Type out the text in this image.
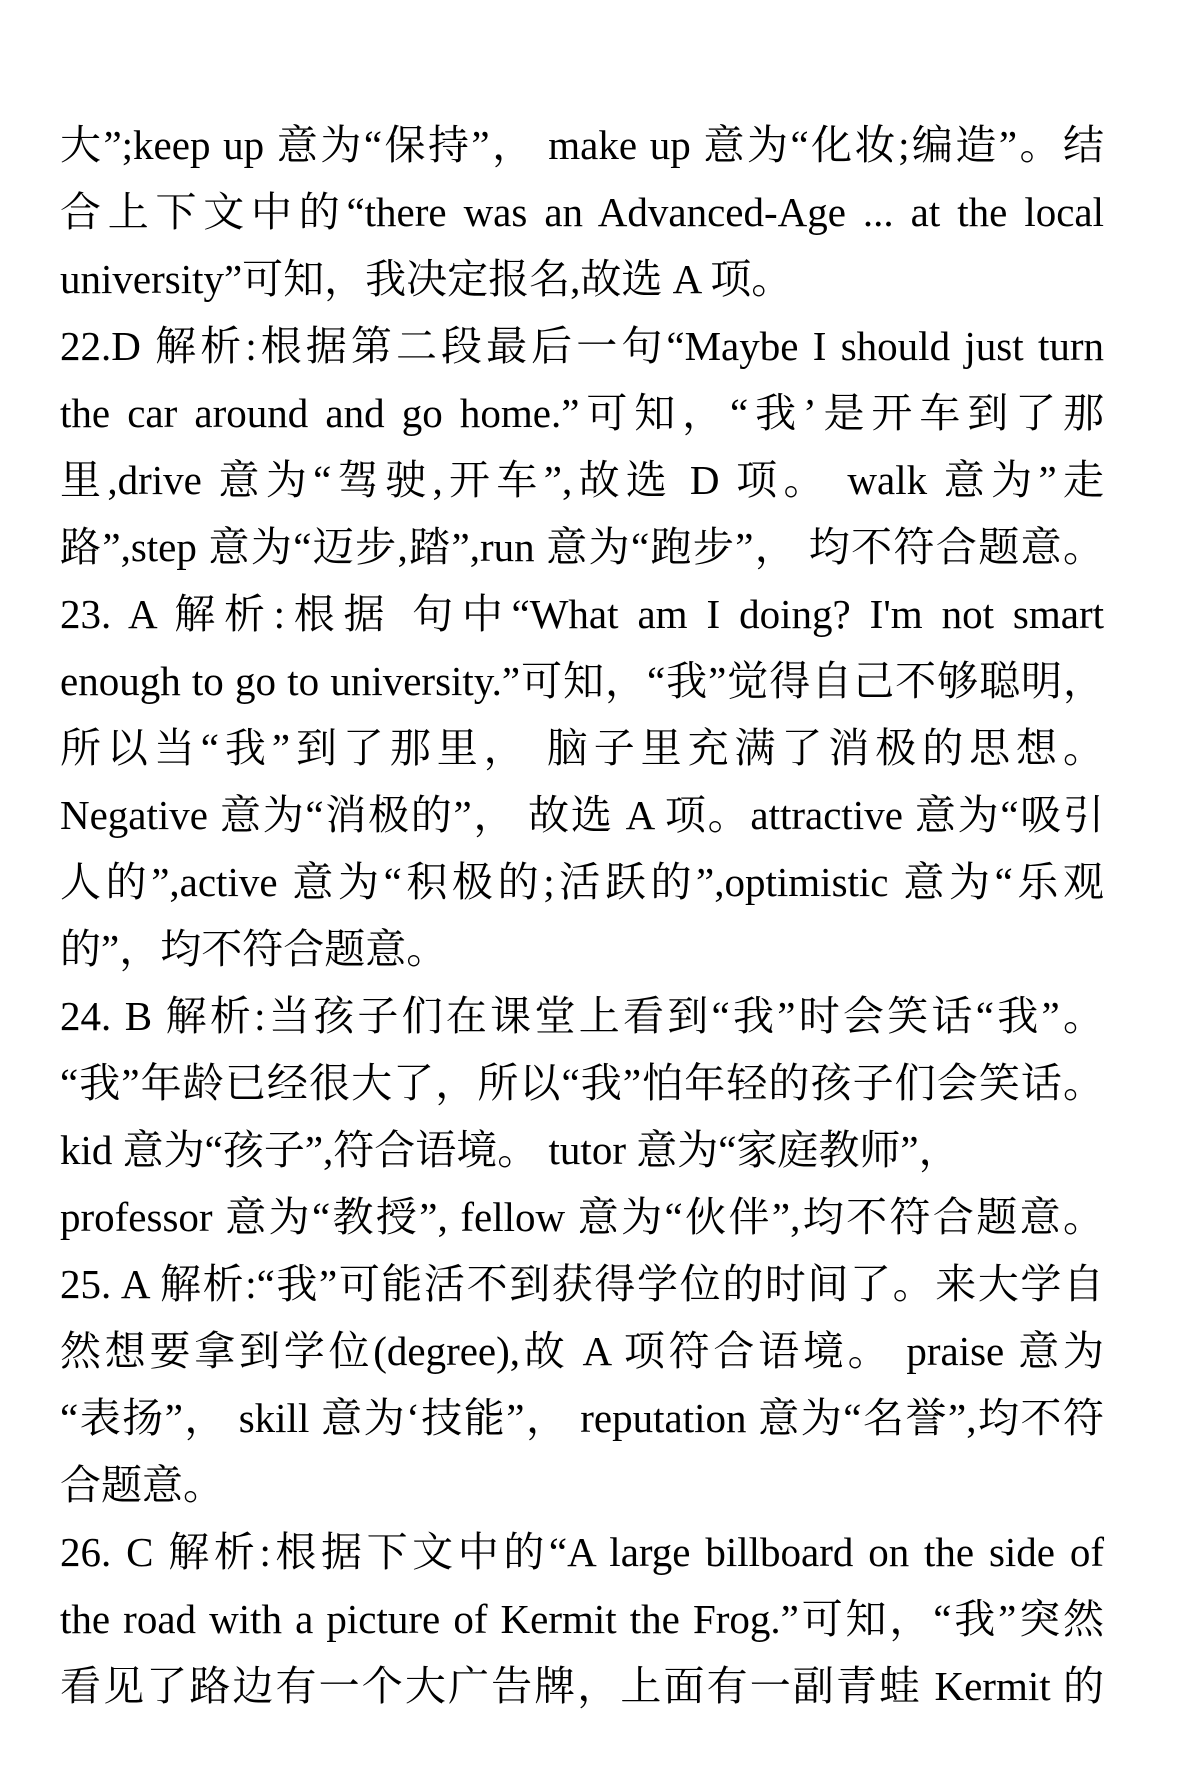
大”;keep up 意为“保持”， make up 意为“化妆;编造”。结
合上下文中的“there was an Advanced-Age ... at the local
university”可知，我决定报名,故选 A 项。
22.D 解析:根据第二段最后一句“Maybe I should just turn
the car around and go home.”可知，“我’是开车到了那
里,drive 意为“驾驶,开车”,故选 D 项。 walk 意为”走
路”,step 意为“迈步,踏”,run 意为“跑步”， 均不符合题意。
23. A 解析:根据 句中“What am I doing? I'm not smart
enough to go to university.”可知，“我”觉得自己不够聪明，
所以当“我”到了那里， 脑子里充满了消极的思想。
Negative 意为“消极的”， 故选 A 项。attractive 意为“吸引
人的”,active 意为“积极的;活跃的”,optimistic 意为“乐观
的”，均不符合题意。
24. B 解析:当孩子们在课堂上看到“我”时会笑话“我”。
“我”年龄已经很大了，所以“我”怕年轻的孩子们会笑话。
kid 意为“孩子”,符合语境。 tutor 意为“家庭教师”，
professor 意为“教授”, fellow 意为“伙伴”,均不符合题意。
25. A 解析:“我”可能活不到获得学位的时间了。来大学自
然想要拿到学位(degree),故 A 项符合语境。 praise 意为
“表扬”， skill 意为‘技能”， reputation 意为“名誉”,均不符
合题意。
26. C 解析:根据下文中的“A large billboard on the side of
the road with a picture of Kermit the Frog.”可知，“我”突然
看见了路边有一个大广告牌，上面有一副青蛙 Kermit 的
